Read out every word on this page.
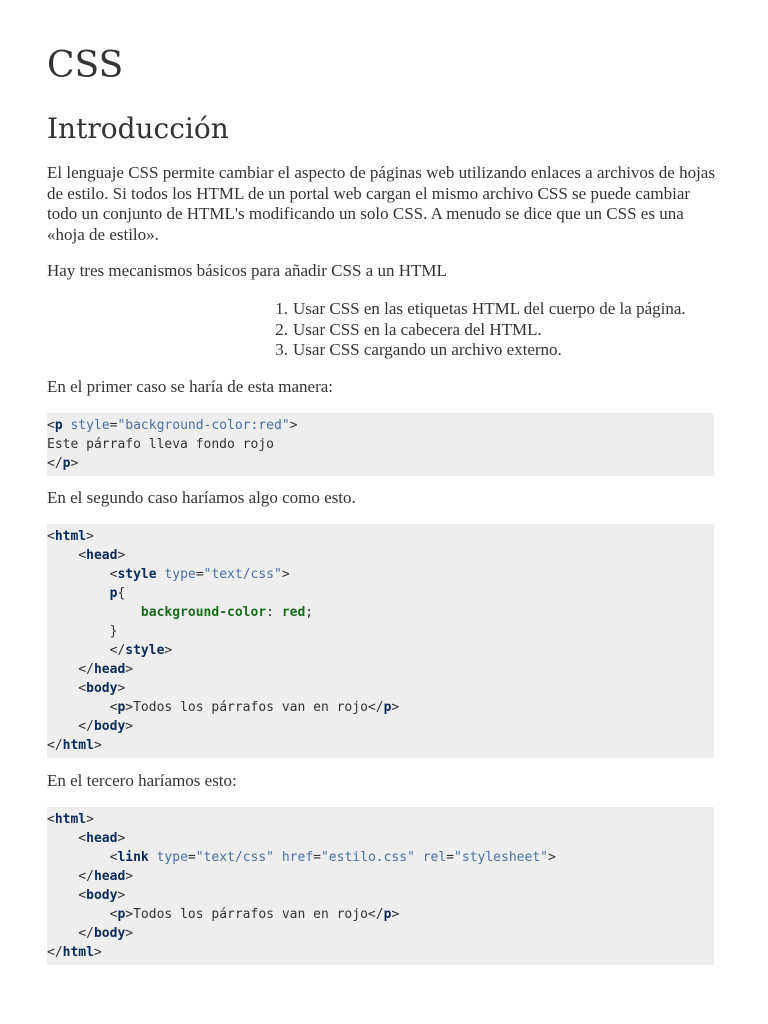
CSS
Introducción

El lenguaje CSS permite cambiar el aspecto de páginas web utilizando enlaces a archivos de hojas de estilo. Si todos los HTML de un portal web cargan el mismo archivo CSS se puede cambiar todo un conjunto de HTML's modificando un solo CSS. A menudo se dice que un CSS es una «hoja de estilo».

Hay tres mecanismos básicos para añadir CSS a un HTML

1. Usar CSS en las etiquetas HTML del cuerpo de la página.
2. Usar CSS en la cabecera del HTML.
3. Usar CSS cargando un archivo externo.

En el primer caso se haría de esta manera:

<p style="background-color:red">
Este párrafo lleva fondo rojo
</p>

En el segundo caso haríamos algo como esto.

<html>
<head>
<style type="text/css">
p{
background-color: red;
}
</style>
</head>
<body>
<p>Todos los párrafos van en rojo</p>
</body>
</html>

En el tercero haríamos esto:

<html>
<head>
<link type="text/css" href="estilo.css" rel="stylesheet">
</head>
<body>
<p>Todos los párrafos van en rojo</p>
</body>
</html>
